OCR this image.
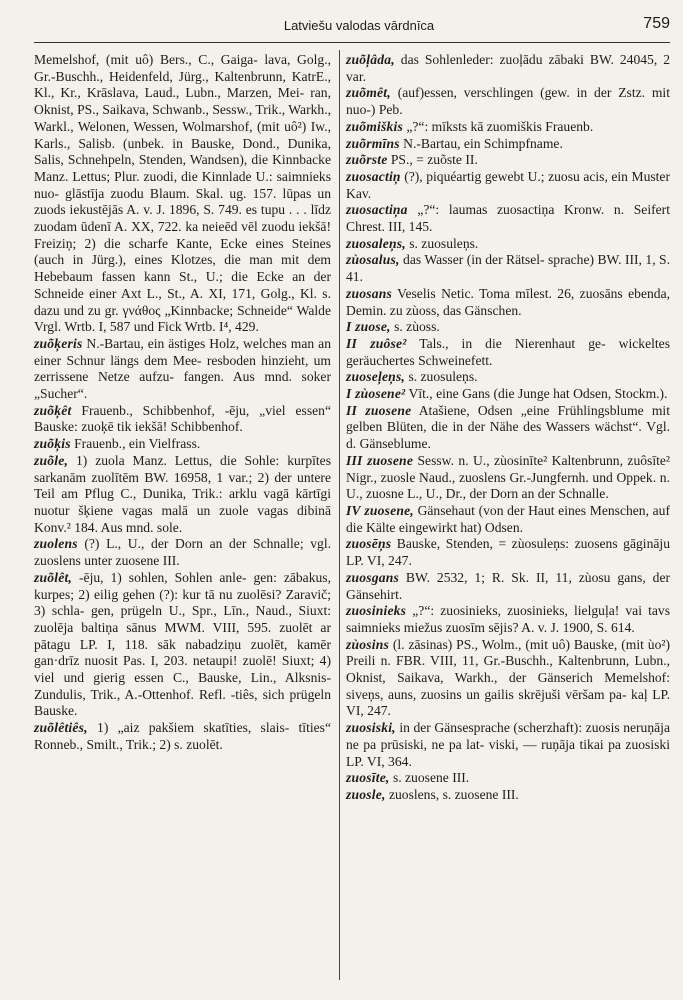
Latviešu valodas vārdnīca	759

Memelshof, (mit uô) Bers., C., Gaiga- lava, Golg., Gr.-Buschh., Heidenfeld, Jürg., Kaltenbrunn, KatrE., Kl., Kr., Krāslava, Laud., Lubn., Marzen, Mei- ran, Oknist, PS., Saikava, Schwanb., Sessw., Trik., Warkh., Warkl., Welonen, Wessen, Wolmarshof, (mit uô²) Iw., Karls., Salisb. (unbek. in Bauske, Dond., Dunika, Salis, Schnehpeln, Stenden, Wandsen), die Kinnbacke Manz. Lettus; Plur. zuodi, die Kinnlade U.: saimnieks nuo- glāstīja zuodu Blaum. Skal. ug. 157. lūpas un zuods iekustējās A. v. J. 1896, S. 749. es tupu . . . līdz zuodam ūdenī A. XX, 722. ka neieēd vēl zuodu iekšā! Freiziņ; 2) die scharfe Kante, Ecke eines Steines (auch in Jürg.), eines Klotzes, die man mit dem Hebebaum fassen kann St., U.; die Ecke an der Schneide einer Axt L., St., A. XI, 171, Golg., Kl. s. dazu und zu gr. γνάθος „Kinnbacke; Schneide“ Walde Vrgl. Wrtb. I, 587 und Fick Wrtb. I⁴, 429.

zuõķeris N.-Bartau, ein ästiges Holz, welches man an einer Schnur längs dem Mee- resboden hinzieht, um zerrissene Netze aufzu- fangen. Aus mnd. soker „Sucher“.

zuõķêt Frauenb., Schibbenhof, -ēju, „viel essen“ Bauske: zuoķē tik iekšā! Schibbenhof.

zuõķis Frauenb., ein Vielfrass.

zuõle, 1) zuola Manz. Lettus, die Sohle: kurpītes sarkanām zuolītēm BW. 16958, 1 var.; 2) der untere Teil am Pflug C., Dunika, Trik.: arklu vagā kārtīgi nuotur šķiene vagas malā un zuole vagas dibinā Konv.² 184. Aus mnd. sole.

zuolens (?) L., U., der Dorn an der Schnalle; vgl. zuoslens unter zuosene III.

zuõlêt, -ēju, 1) sohlen, Sohlen anle- gen: zābakus, kurpes; 2) eilig gehen (?): kur tā nu zuolēsi? Zaravič; 3) schla- gen, prügeln U., Spr., Līn., Naud., Siuxt: zuolēja baltiņa sānus MWM. VIII, 595. zuolēt ar pātagu LP. I, 118. sāk nabadziņu zuolēt, kamēr gan·drīz nuosit Pas. I, 203. netaupi! zuolē! Siuxt; 4) viel und gierig essen C., Bauske, Lin., Alksnis-Zundulis, Trik., A.-Ottenhof. Refl. -tiês, sich prügeln Bauske.

zuõlêtiês, 1) „aiz pakšiem skatīties, slais- tīties“ Ronneb., Smilt., Trik.; 2) s. zuolēt.

zuõļâda, das Sohlenleder: zuoļādu zābaki BW. 24045, 2 var.

zuõmêt, (auf)essen, verschlingen (gew. in der Zstz. mit nuo-) Peb.

zuõmiškis „?“: mīksts kā zuomiškis Frauenb.

zuõrmīns N.-Bartau, ein Schimpfname.

zuõrste PS., = zuõste II.

zuosactiņ (?), piquéartig gewebt U.; zuosu acis, ein Muster Kav.

zuosactiņa „?“: laumas zuosactiņa Kronw. n. Seifert Chrest. III, 145.

zuosaleņs, s. zuosuleņs.

zùosalus, das Wasser (in der Rätsel- sprache) BW. III, 1, S. 41.

zuosans Veselis Netic. Toma mīlest. 26, zuosāns ebenda, Demin. zu zùoss, das Gänschen.

I zuose, s. zùoss.

II zuôse² Tals., in die Nierenhaut ge- wickeltes geräuchertes Schweinefett.

zuoseļeņs, s. zuosuleņs.

I zùosene² Vīt., eine Gans (die Junge hat Odsen, Stockm.).

II zuosene Atašiene, Odsen „eine Frühlingsblume mit gelben Blüten, die in der Nähe des Wassers wächst“. Vgl. d. Gänseblume.

III zuosene Sessw. n. U., zùosinīte² Kaltenbrunn, zuôsīte² Nigr., zuosle Naud., zuoslens Gr.-Jungfernh. und Oppek. n. U., zuosne L., U., Dr., der Dorn an der Schnalle.

IV zuosene, Gänsehaut (von der Haut eines Menschen, auf die Kälte eingewirkt hat) Odsen.

zuosēņs Bauske, Stenden, = zùosuleņs: zuosens gāgināju LP. VI, 247.

zuosgans BW. 2532, 1; R. Sk. II, 11, zùosu gans, der Gänsehirt.

zuosinieks „?“: zuosinieks, zuosinieks, lielguļa! vai tavs saimnieks miežus zuosīm sējis? A. v. J. 1900, S. 614.

zùosins (l. zāsinas) PS., Wolm., (mit uô) Bauske, (mit ùo²) Preili n. FBR. VIII, 11, Gr.-Buschh., Kaltenbrunn, Lubn., Oknist, Saikava, Warkh., der Gänserich Memelshof: siveņs, auns, zuosins un gailis skrējuši vēršam pa- kaļ LP. VI, 247.

zuosiski, in der Gänsesprache (scherzhaft): zuosis neruņāja ne pa prūsiski, ne pa lat- viski, — ruņāja tikai pa zuosiski LP. VI, 364.

zuosīte, s. zuosene III.

zuosle, zuoslens, s. zuosene III.
